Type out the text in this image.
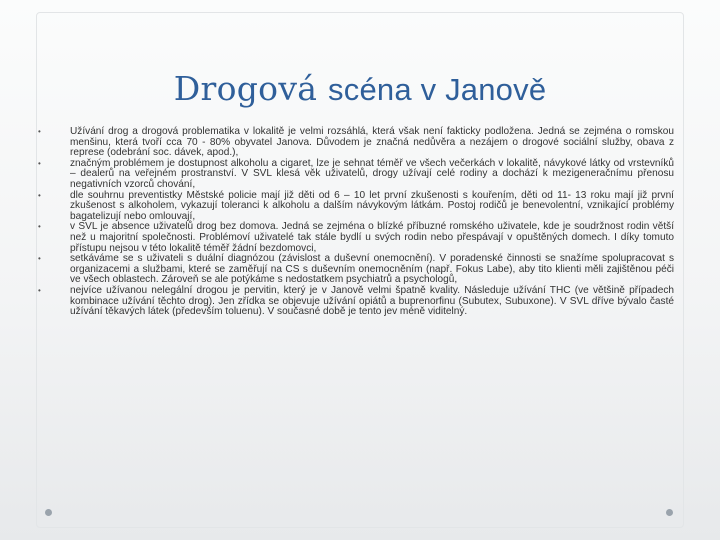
Drogová scéna v Janově
•	Užívání drog a drogová problematika v lokalitě je velmi rozsáhlá, která však není fakticky podložena. Jedná se zejména o romskou menšinu, která tvoří cca 70 - 80% obyvatel Janova. Důvodem je značná nedůvěra a nezájem o drogové sociální služby, obava z represe (odebrání soc. dávek, apod.),
•	značným problémem je dostupnost alkoholu a cigaret, lze je sehnat téměř ve všech večerkách v lokalitě, návykové látky od vrstevníků – dealerů na veřejném prostranství. V SVL klesá věk uživatelů, drogy užívají celé rodiny a dochází k mezigeneračnímu přenosu negativních vzorců chování,
•	dle souhrnu preventistky Městské policie mají již děti od 6 – 10 let první zkušenosti s kouřením, děti od 11- 13 roku mají již první zkušenost s alkoholem, vykazují toleranci k alkoholu a dalším návykovým látkám. Postoj rodičů je benevolentní, vznikající problémy bagatelizují nebo omlouvají,
•	v SVL je absence uživatelů drog bez domova. Jedná se zejména o blízké příbuzné romského uživatele, kde je soudržnost rodin větší než u majoritní společnosti. Problémoví uživatelé tak stále bydlí u svých rodin nebo přespávají v opuštěných domech. I díky tomuto přístupu nejsou v této lokalitě téměř žádní bezdomovci,
•	setkáváme se s uživateli s duální diagnózou (závislost a duševní onemocnění). V poradenské činnosti se snažíme spolupracovat s organizacemi a službami, které se zaměřují na CS s duševním onemocněním (např. Fokus Labe), aby tito klienti měli zajištěnou péči ve všech oblastech. Zároveň se ale potýkáme s nedostatkem psychiatrů a psychologů,
•	nejvíce užívanou nelegální drogou je pervitin, který je v Janově velmi špatně kvality. Následuje užívání THC (ve většině případech kombinace užívání těchto drog). Jen zřídka se objevuje užívání opiátů a buprenorfinu (Subutex, Subuxone). V SVL dříve bývalo časté užívání těkavých látek (především toluenu). V současné době je tento jev méně viditelný.
